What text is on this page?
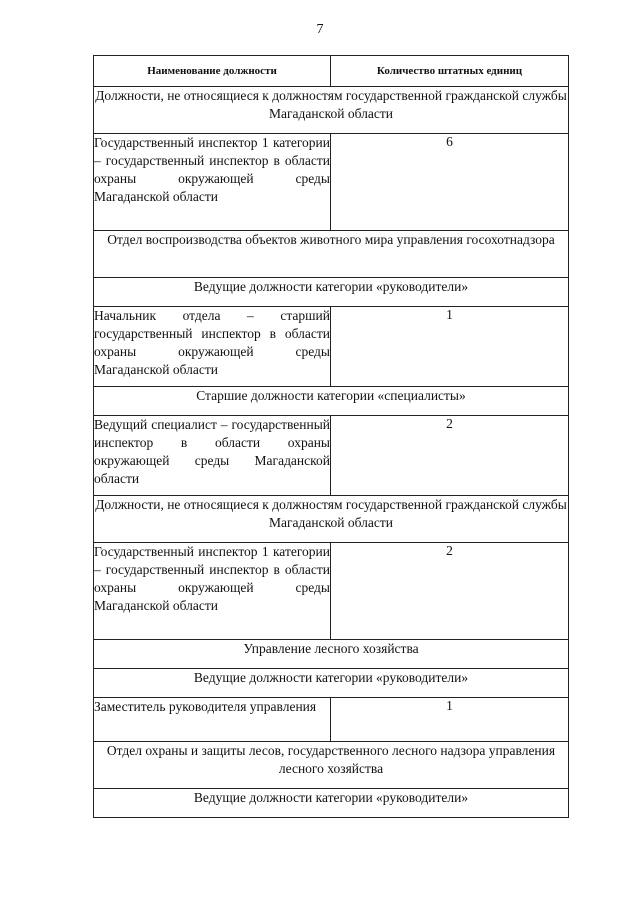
7
Наименование должности	Количество штатных единиц
Должности, не относящиеся к должностям государственной гражданской службы Магаданской области	
Государственный инспектор 1 категории – государственный инспектор в области охраны окружающей среды Магаданской области	6
Отдел воспроизводства объектов животного мира управления госохотнадзора	
Ведущие должности категории «руководители»	
Начальник отдела – старший государственный инспектор в области охраны окружающей среды Магаданской области	1
Старшие должности категории «специалисты»	
Ведущий специалист – государственный инспектор в области охраны окружающей среды Магаданской области	2
Должности, не относящиеся к должностям государственной гражданской службы Магаданской области	
Государственный инспектор 1 категории – государственный инспектор в области охраны окружающей среды Магаданской области	2
Управление лесного хозяйства	
Ведущие должности категории «руководители»	
Заместитель руководителя управления	1
Отдел охраны и защиты лесов, государственного лесного надзора управления лесного хозяйства	
Ведущие должности категории «руководители»	
